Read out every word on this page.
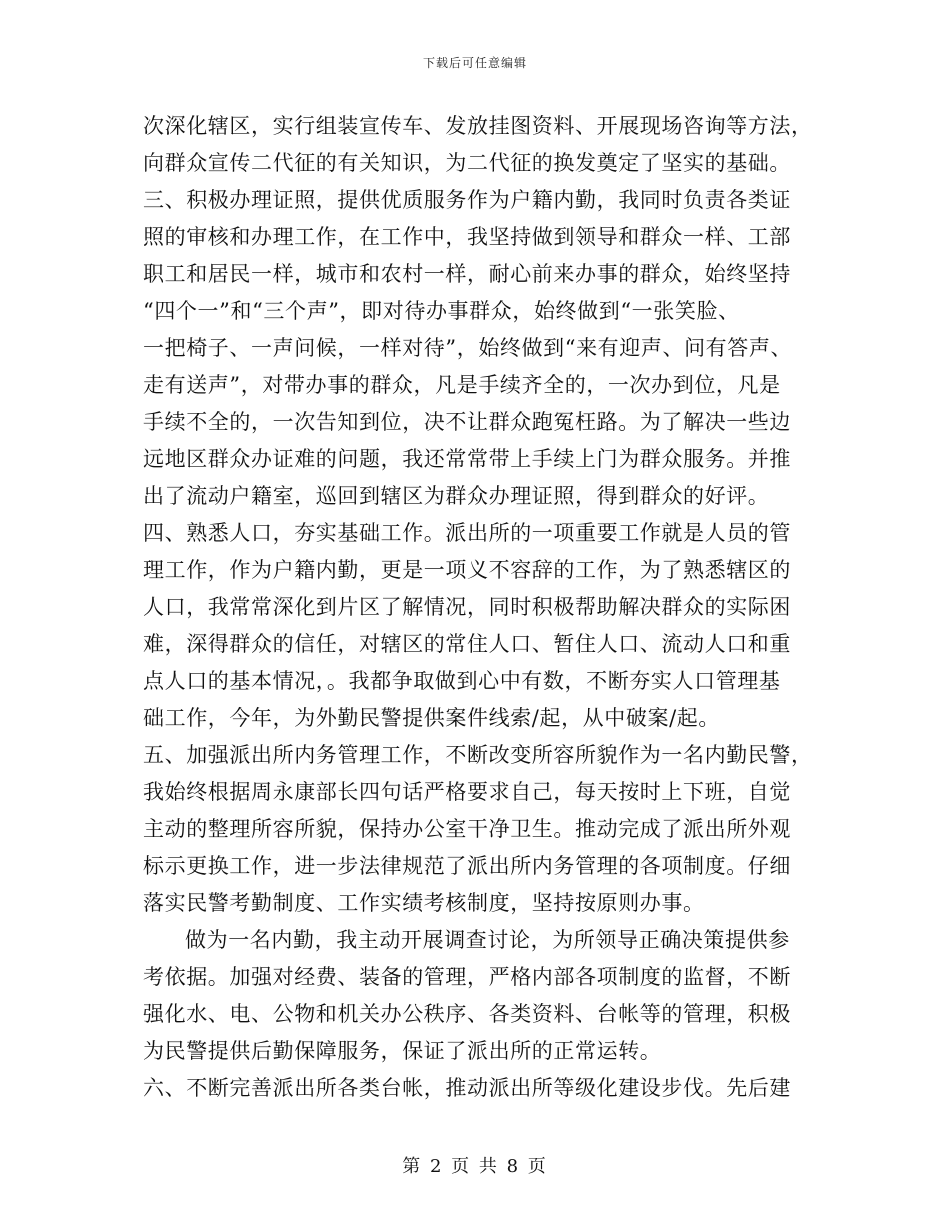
下载后可任意编辑
次深化辖区，实行组装宣传车、发放挂图资料、开展现场咨询等方法，
向群众宣传二代征的有关知识，为二代征的换发奠定了坚实的基础。
三、积极办理证照，提供优质服务作为户籍内勤，我同时负责各类证
照的审核和办理工作，在工作中，我坚持做到领导和群众一样、工部
职工和居民一样，城市和农村一样，耐心前来办事的群众，始终坚持
“四个一”和“三个声”，即对待办事群众，始终做到“一张笑脸、
一把椅子、一声问候，一样对待”，始终做到“来有迎声、问有答声、
走有送声”，对带办事的群众，凡是手续齐全的，一次办到位，凡是
手续不全的，一次告知到位，决不让群众跑冤枉路。为了解决一些边
远地区群众办证难的问题，我还常常带上手续上门为群众服务。并推
出了流动户籍室，巡回到辖区为群众办理证照，得到群众的好评。
四、熟悉人口，夯实基础工作。派出所的一项重要工作就是人员的管
理工作，作为户籍内勤，更是一项义不容辞的工作，为了熟悉辖区的
人口，我常常深化到片区了解情况，同时积极帮助解决群众的实际困
难，深得群众的信任，对辖区的常住人口、暂住人口、流动人口和重
点人口的基本情况，。我都争取做到心中有数，不断夯实人口管理基
础工作，今年，为外勤民警提供案件线索/起，从中破案/起。
五、加强派出所内务管理工作，不断改变所容所貌作为一名内勤民警，
我始终根据周永康部长四句话严格要求自己，每天按时上下班，自觉
主动的整理所容所貌，保持办公室干净卫生。推动完成了派出所外观
标示更换工作，进一步法律规范了派出所内务管理的各项制度。仔细
落实民警考勤制度、工作实绩考核制度，坚持按原则办事。
做为一名内勤，我主动开展调查讨论，为所领导正确决策提供参
考依据。加强对经费、装备的管理，严格内部各项制度的监督，不断
强化水、电、公物和机关办公秩序、各类资料、台帐等的管理，积极
为民警提供后勤保障服务，保证了派出所的正常运转。
六、不断完善派出所各类台帐，推动派出所等级化建设步伐。先后建
第 2 页 共 8 页
